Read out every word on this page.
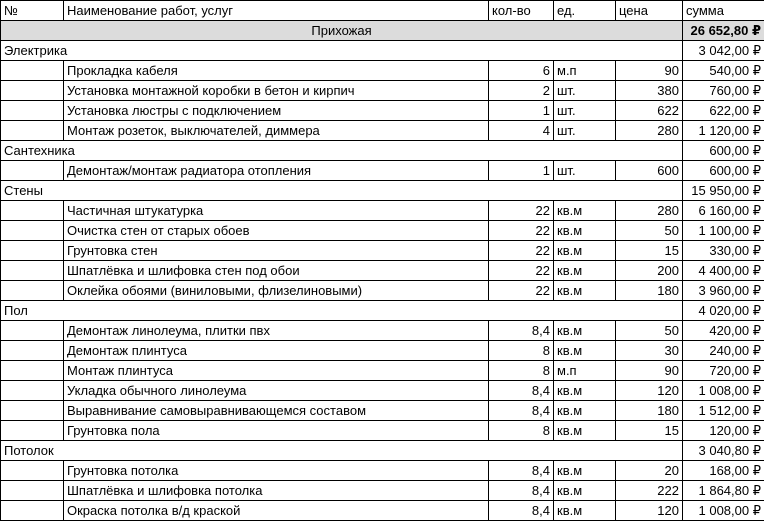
№	Наименование работ, услуг	кол-во	ед.	цена	сумма
Прихожая					26 652,80 ₽
Электрика					3 042,00 ₽
	Прокладка кабеля	6	м.п	90	540,00 ₽
	Установка монтажной коробки в бетон и кирпич	2	шт.	380	760,00 ₽
	Установка люстры с подключением	1	шт.	622	622,00 ₽
	Монтаж розеток, выключателей, диммера	4	шт.	280	1 120,00 ₽
Сантехника					600,00 ₽
	Демонтаж/монтаж радиатора отопления	1	шт.	600	600,00 ₽
Стены					15 950,00 ₽
	Частичная штукатурка	22	кв.м	280	6 160,00 ₽
	Очистка стен от старых обоев	22	кв.м	50	1 100,00 ₽
	Грунтовка стен	22	кв.м	15	330,00 ₽
	Шпатлёвка и шлифовка стен под обои	22	кв.м	200	4 400,00 ₽
	Оклейка обоями (виниловыми, флизелиновыми)	22	кв.м	180	3 960,00 ₽
Пол					4 020,00 ₽
	Демонтаж линолеума, плитки пвх	8,4	кв.м	50	420,00 ₽
	Демонтаж плинтуса	8	кв.м	30	240,00 ₽
	Монтаж плинтуса	8	м.п	90	720,00 ₽
	Укладка обычного линолеума	8,4	кв.м	120	1 008,00 ₽
	Выравнивание самовыравнивающемся составом	8,4	кв.м	180	1 512,00 ₽
	Грунтовка пола	8	кв.м	15	120,00 ₽
Потолок					3 040,80 ₽
	Грунтовка потолка	8,4	кв.м	20	168,00 ₽
	Шпатлёвка и шлифовка потолка	8,4	кв.м	222	1 864,80 ₽
	Окраска потолка в/д краской	8,4	кв.м	120	1 008,00 ₽
